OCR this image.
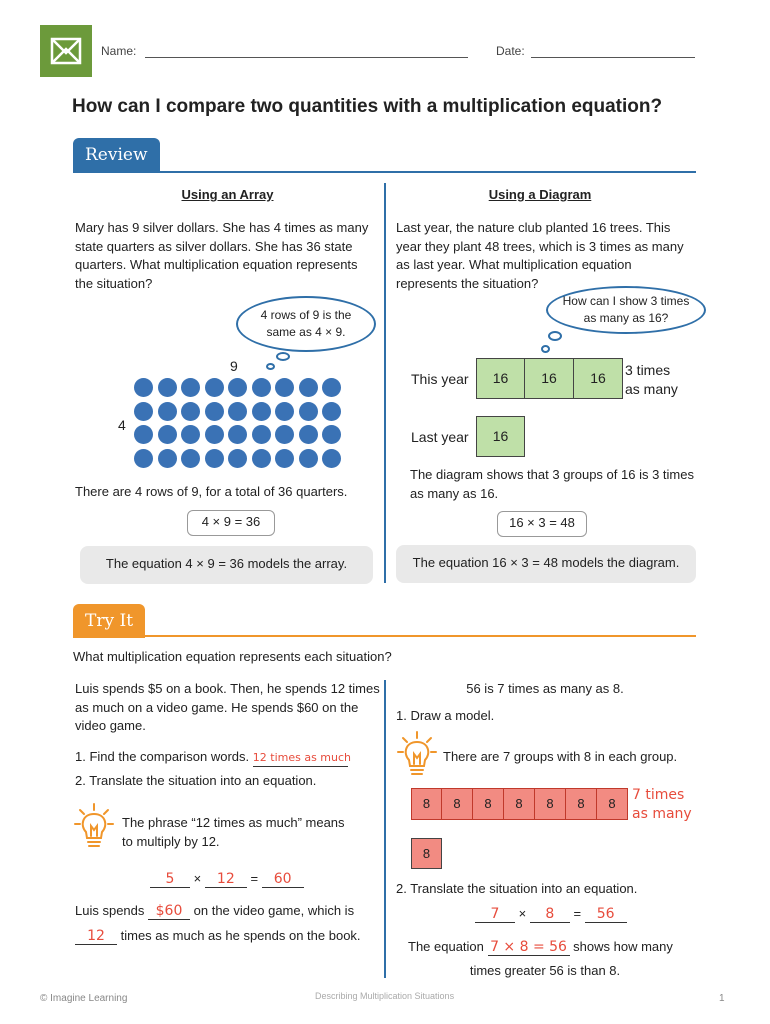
Name:	Date:
How can I compare two quantities with a multiplication equation?
Review
Using an Array
Mary has 9 silver dollars. She has 4 times as many state quarters as silver dollars. She has 36 state quarters. What multiplication equation represents the situation?
4 rows of 9 is the same as 4 × 9.
9
4
There are 4 rows of 9, for a total of 36 quarters.
4 × 9 = 36
The equation 4 × 9 = 36 models the array.
Using a Diagram
Last year, the nature club planted 16 trees. This year they plant 48 trees, which is 3 times as many as last year. What multiplication equation represents the situation?
How can I show 3 times as many as 16?
This year	16	16	16	3 times as many
Last year	16
The diagram shows that 3 groups of 16 is 3 times as many as 16.
16 × 3 = 48
The equation 16 × 3 = 48 models the diagram.
Try It
What multiplication equation represents each situation?
Luis spends $5 on a book. Then, he spends 12 times as much on a video game. He spends $60 on the video game.
1. Find the comparison words. 12 times as much
2. Translate the situation into an equation.
The phrase “12 times as much” means to multiply by 12.
5 × 12 = 60
Luis spends $60 on the video game, which is
12 times as much as he spends on the book.
56 is 7 times as many as 8.
1. Draw a model.
There are 7 groups with 8 in each group.
8	8	8	8	8	8	8
7 times as many
8
2. Translate the situation into an equation.
7 × 8 = 56
The equation 7 × 8 = 56 shows how many
times greater 56 is than 8.
© Imagine Learning	Describing Multiplication Situations	1
